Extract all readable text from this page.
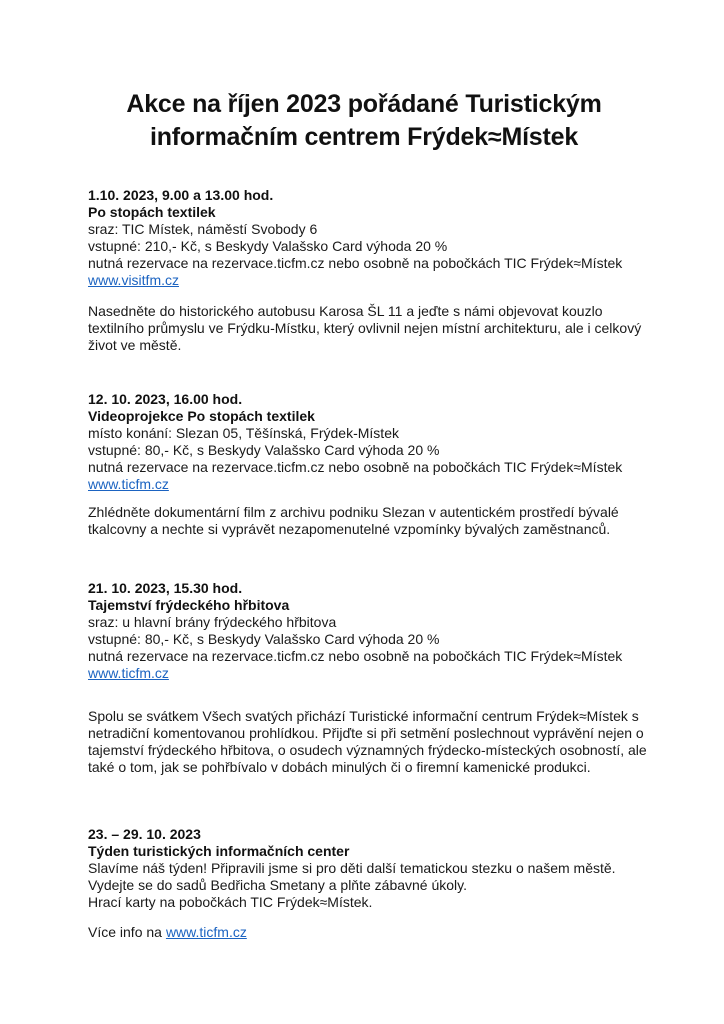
Akce na říjen 2023 pořádané Turistickým
informačním centrem Frýdek≈Místek
1.10. 2023, 9.00 a 13.00 hod.
Po stopách textilek
sraz: TIC Místek, náměstí Svobody 6
vstupné: 210,- Kč, s Beskydy Valašsko Card výhoda 20 %
nutná rezervace na rezervace.ticfm.cz nebo osobně na pobočkách TIC Frýdek≈Místek
www.visitfm.cz

Nasedněte do historického autobusu Karosa ŠL 11 a jeďte s námi objevovat kouzlo textilního průmyslu ve Frýdku-Místku, který ovlivnil nejen místní architekturu, ale i celkový život ve městě.

12. 10. 2023, 16.00 hod.
Videoprojekce Po stopách textilek
místo konání: Slezan 05, Těšínská, Frýdek-Místek
vstupné: 80,- Kč, s Beskydy Valašsko Card výhoda 20 %
nutná rezervace na rezervace.ticfm.cz nebo osobně na pobočkách TIC Frýdek≈Místek
www.ticfm.cz

Zhlédněte dokumentární film z archivu podniku Slezan v autentickém prostředí bývalé tkalcovny a nechte si vyprávět nezapomenutelné vzpomínky bývalých zaměstnanců.

21. 10. 2023, 15.30 hod.
Tajemství frýdeckého hřbitova
sraz: u hlavní brány frýdeckého hřbitova
vstupné: 80,- Kč, s Beskydy Valašsko Card výhoda 20 %
nutná rezervace na rezervace.ticfm.cz nebo osobně na pobočkách TIC Frýdek≈Místek
www.ticfm.cz

Spolu se svátkem Všech svatých přichází Turistické informační centrum Frýdek≈Místek s netradiční komentovanou prohlídkou. Přijďte si při setmění poslechnout vyprávění nejen o tajemství frýdeckého hřbitova, o osudech významných frýdecko-místeckých osobností, ale také o tom, jak se pohřbívalo v dobách minulých či o firemní kamenické produkci.

23. – 29. 10. 2023
Týden turistických informačních center
Slavíme náš týden! Připravili jsme si pro děti další tematickou stezku o našem městě. Vydejte se do sadů Bedřicha Smetany a plňte zábavné úkoly.
Hrací karty na pobočkách TIC Frýdek≈Místek.
Více info na www.ticfm.cz
